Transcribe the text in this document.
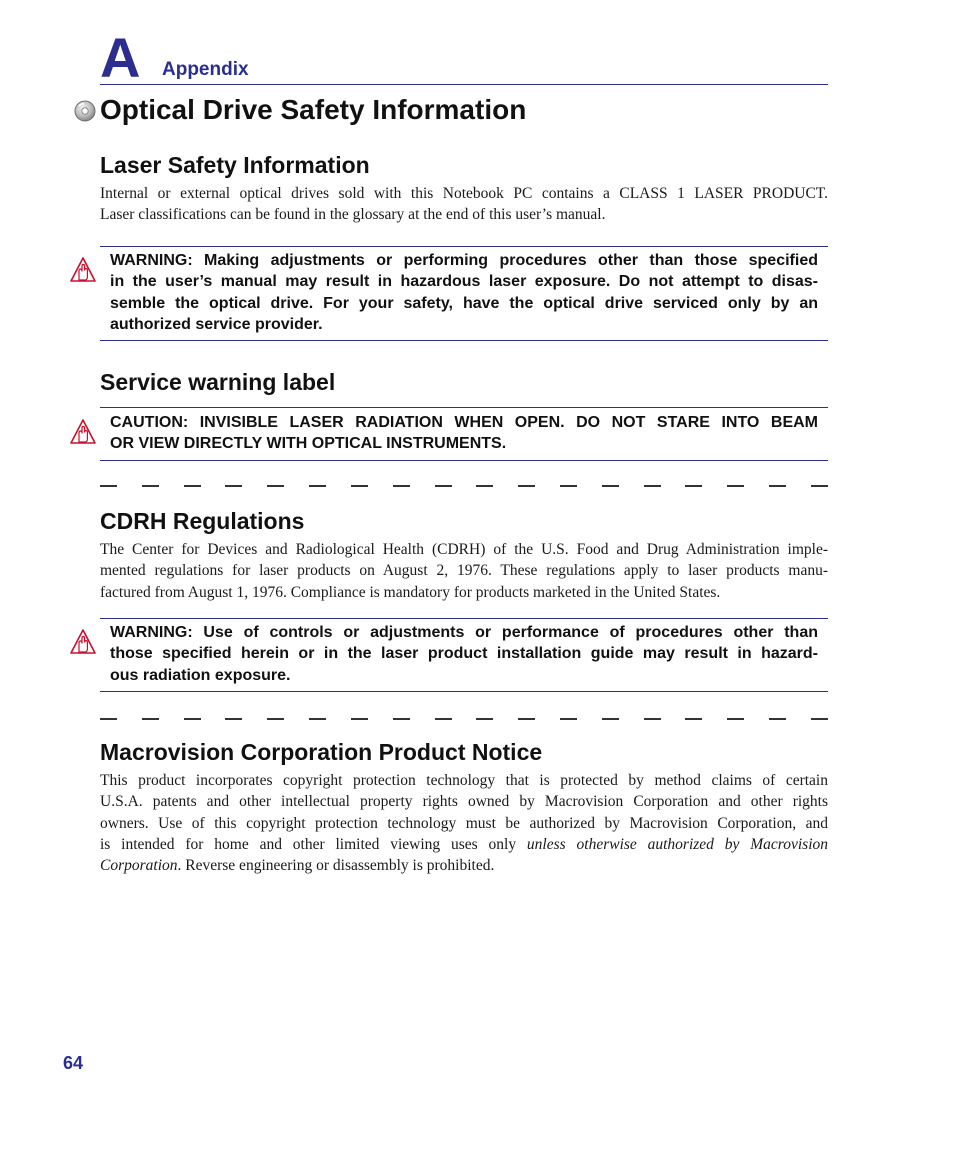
A Appendix
Optical Drive Safety Information
Laser Safety Information

Internal or external optical drives sold with this Notebook PC contains a CLASS 1 LASER PRODUCT.

Laser classifications can be found in the glossary at the end of this user’s manual.

WARNING: Making adjustments or performing procedures other than those specified
in the user’s manual may result in hazardous laser exposure. Do not attempt to disas-
semble the optical drive. For your safety, have the optical drive serviced only by an
authorized service provider.
Service warning label
CAUTION: INVISIBLE LASER RADIATION WHEN OPEN. DO NOT STARE INTO BEAM
OR VIEW DIRECTLY WITH OPTICAL INSTRUMENTS.
CDRH Regulations

The Center for Devices and Radiological Health (CDRH) of the U.S. Food and Drug Administration imple-

mented regulations for laser products on August 2, 1976. These regulations apply to laser products manu-

factured from August 1, 1976. Compliance is mandatory for products marketed in the United States.

WARNING: Use of controls or adjustments or performance of procedures other than
those specified herein or in the laser product installation guide may result in hazard-
ous radiation exposure.
Macrovision Corporation Product Notice

This product incorporates copyright protection technology that is protected by method claims of certain

U.S.A. patents and other intellectual property rights owned by Macrovision Corporation and other rights

owners. Use of this copyright protection technology must be authorized by Macrovision Corporation, and

is intended for home and other limited viewing uses only unless otherwise authorized by Macrovision

Corporation. Reverse engineering or disassembly is prohibited.

64
